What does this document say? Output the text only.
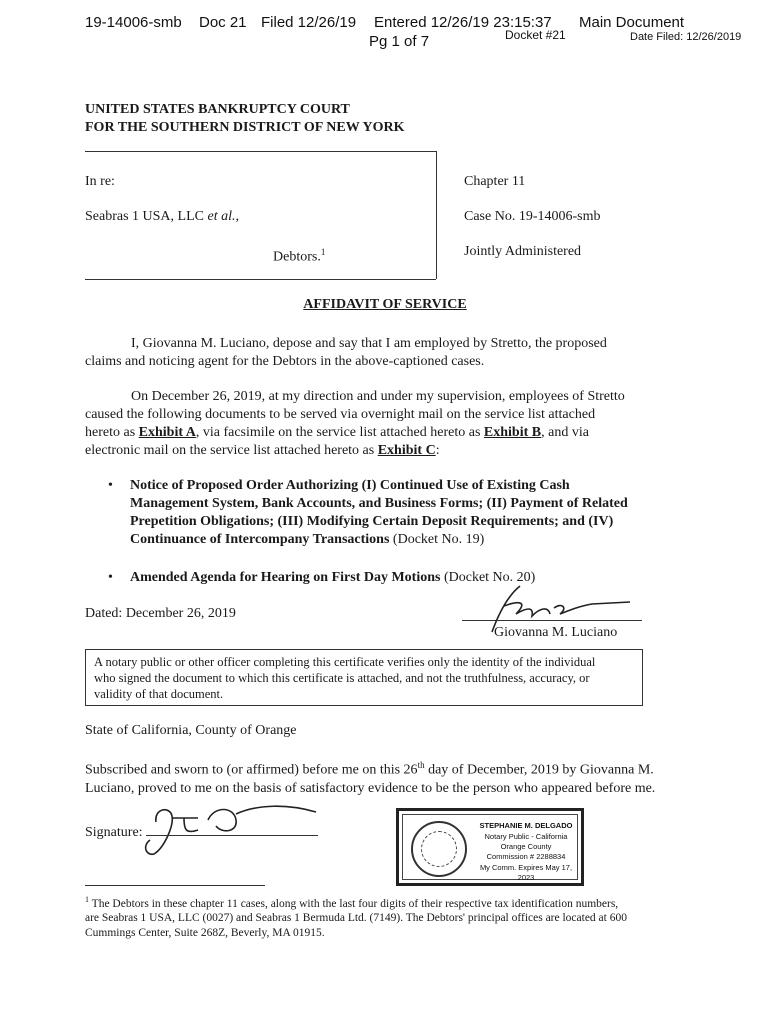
19-14006-smb Doc 21 Filed 12/26/19 Entered 12/26/19 23:15:37 Main Document
Pg 1 of 7	Docket #21	Date Filed: 12/26/2019
UNITED STATES BANKRUPTCY COURT
FOR THE SOUTHERN DISTRICT OF NEW YORK
In re:
Seabras 1 USA, LLC et al.,
Debtors.$^1$
Chapter 11
Case No. 19-14006-smb
Jointly Administered
AFFIDAVIT OF SERVICE
I, Giovanna M. Luciano, depose and say that I am employed by Stretto, the proposed
claims and noticing agent for the Debtors in the above-captioned cases.
On December 26, 2019, at my direction and under my supervision, employees of Stretto
caused the following documents to be served via overnight mail on the service list attached
hereto as Exhibit A, via facsimile on the service list attached hereto as Exhibit B, and via
electronic mail on the service list attached hereto as Exhibit C:
• Notice of Proposed Order Authorizing (I) Continued Use of Existing Cash
Management System, Bank Accounts, and Business Forms; (II) Payment of Related
Prepetition Obligations; (III) Modifying Certain Deposit Requirements; and (IV)
Continuance of Intercompany Transactions (Docket No. 19)
• Amended Agenda for Hearing on First Day Motions (Docket No. 20)
Dated: December 26, 2019
Giovanna M. Luciano
A notary public or other officer completing this certificate verifies only the identity of the individual
who signed the document to which this certificate is attached, and not the truthfulness, accuracy, or
validity of that document.
State of California, County of Orange
Subscribed and sworn to (or affirmed) before me on this 26th day of December, 2019 by Giovanna M.
Luciano, proved to me on the basis of satisfactory evidence to be the person who appeared before me.
Signature:	STEPHANIE M. DELGADO
Notary Public - California
Orange County
Commission # 2288834
My Comm. Expires May 17, 2023
$^1$ The Debtors in these chapter 11 cases, along with the last four digits of their respective tax identification numbers,
are Seabras 1 USA, LLC (0027) and Seabras 1 Bermuda Ltd. (7149). The Debtors' principal offices are located at 600
Cummings Center, Suite 268Z, Beverly, MA 01915.
